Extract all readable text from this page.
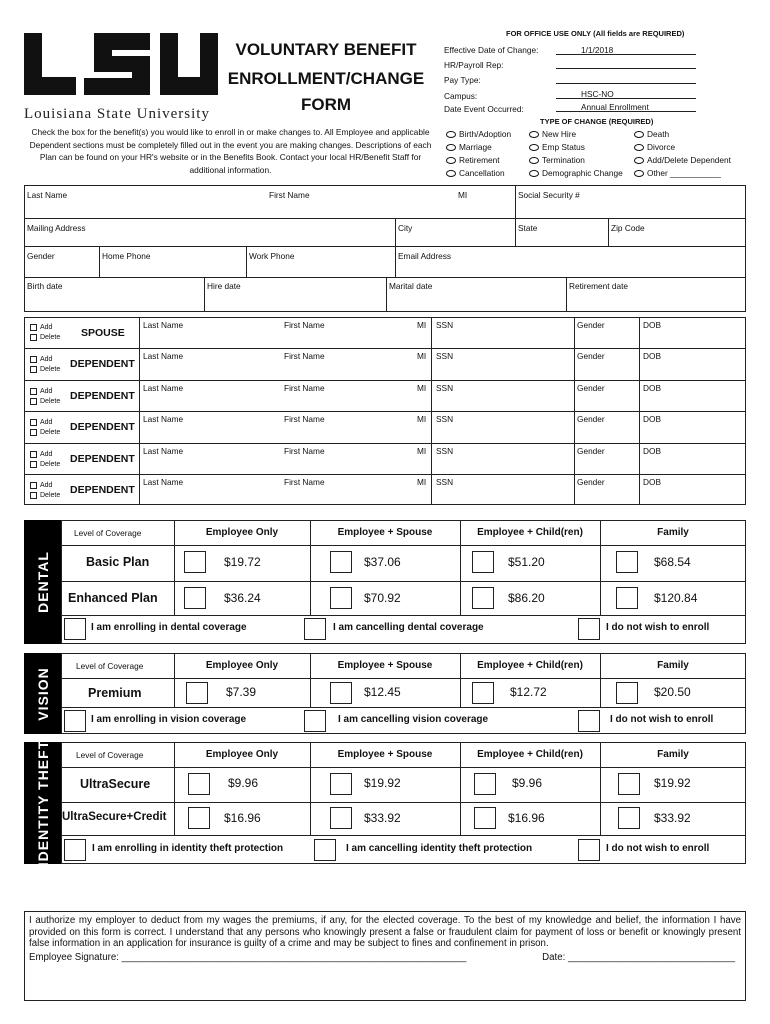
Louisiana State University
VOLUNTARY BENEFIT
ENROLLMENT/CHANGE
FORM
Check the box for the benefit(s) you would like to enroll in or make changes to. All Employee and applicable Dependent sections must be completely filled out in the event you are making changes. Descriptions of each Plan can be found on your HR's website or in the Benefits Book. Contact your local HR/Benefit Staff for additional information.
FOR OFFICE USE ONLY (All fields are REQUIRED)
Effective Date of Change:	1/1/2018
HR/Payroll Rep:
Pay Type:
Campus:	HSC-NO
Date Event Occurred:	Annual Enrollment
TYPE OF CHANGE (REQUIRED)
Birth/Adoption
Marriage
Retirement
Cancellation
New Hire
Emp Status
Termination
Demographic Change
Death
Divorce
Add/Delete Dependent
Other ___________
Last Name	First Name	MI	Social Security #
Mailing Address	City	State	Zip Code
Gender	Home Phone	Work Phone	Email Address
Birth date	Hire date	Marital date	Retirement date
Add
Delete SPOUSE
Last Name	First Name	MI SSN	Gender	DOB
Add
Delete DEPENDENT
Last Name	First Name	MI SSN	Gender	DOB
Add
Delete DEPENDENT
Last Name	First Name	MI SSN	Gender	DOB
Add
Delete DEPENDENT
Last Name	First Name	MI SSN	Gender	DOB
Add
Delete DEPENDENT
Last Name	First Name	MI SSN	Gender	DOB
Add
Delete DEPENDENT
Last Name	First Name	MI SSN	Gender	DOB
DENTAL
Level of Coverage	Employee Only	Employee + Spouse	Employee + Child(ren)	Family
Basic Plan	$19.72	$37.06	$51.20	$68.54
Enhanced Plan	$36.24	$70.92	$86.20	$120.84
I am enrolling in dental coverage	I am cancelling dental coverage	I do not wish to enroll
VISION
Level of Coverage	Employee Only	Employee + Spouse	Employee + Child(ren)	Family
Premium	$7.39	$12.45	$12.72	$20.50
I am enrolling in vision coverage	I am cancelling vision coverage	I do not wish to enroll
IDENTITY THEFT	Level of Coverage	Employee Only	Employee + Spouse	Employee + Child(ren)	Family
UltraSecure	$9.96	$19.92	$9.96	$19.92
UltraSecure+Credit	$16.96	$33.92	$16.96	$33.92
I am enrolling in identity theft protection	I am cancelling identity theft protection	I do not wish to enroll
I authorize my employer to deduct from my wages the premiums, if any, for the elected coverage. To the best of my knowledge and belief, the information I have provided on this form is correct. I understand that any persons who knowingly present a false or fraudulent claim for payment of loss or benefit or knowingly present false information in an application for insurance is guilty of a crime and may be subject to fines and confinement in prison.
Employee Signature: ________________________________________________________________	Date: _______________________________
